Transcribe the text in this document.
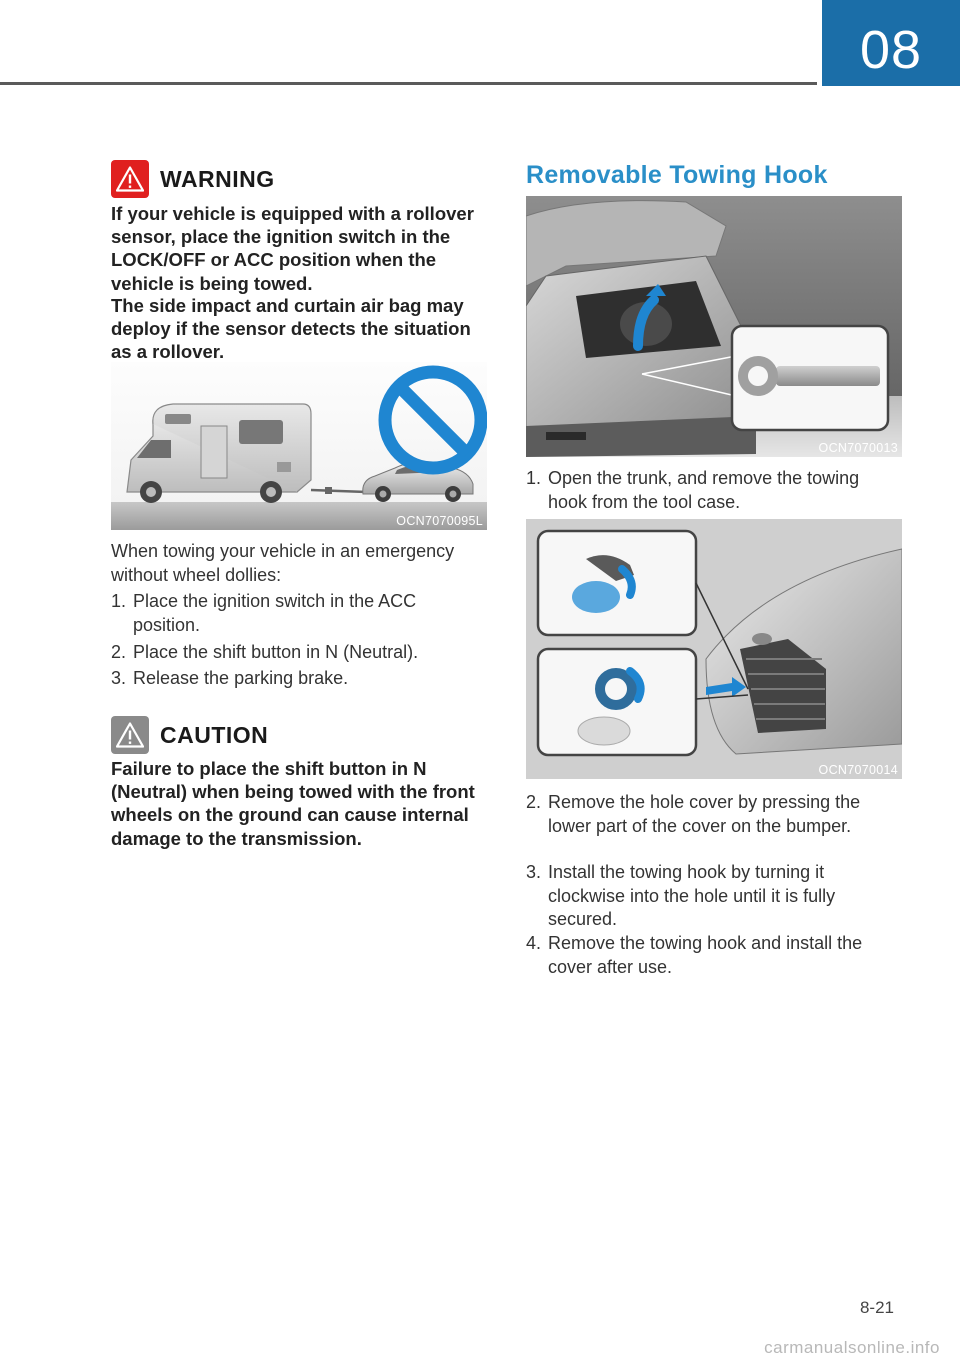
08
WARNING
If your vehicle is equipped with a rollover sensor, place the ignition switch in the LOCK/OFF or ACC position when the vehicle is being towed.
The side impact and curtain air bag may deploy if the sensor detects the situation as a rollover.
OCN7070095L
When towing your vehicle in an emergency without wheel dollies:
1. Place the ignition switch in the ACC position.
2. Place the shift button in N (Neutral).
3. Release the parking brake.
CAUTION
Failure to place the shift button in N (Neutral) when being towed with the front wheels on the ground can cause internal damage to the transmission.
Removable Towing Hook
OCN7070013
1. Open the trunk, and remove the towing hook from the tool case.
OCN7070014
2. Remove the hole cover by pressing the lower part of the cover on the bumper.
3. Install the towing hook by turning it clockwise into the hole until it is fully secured.
4. Remove the towing hook and install the cover after use.
8-21
carmanualsonline.info
